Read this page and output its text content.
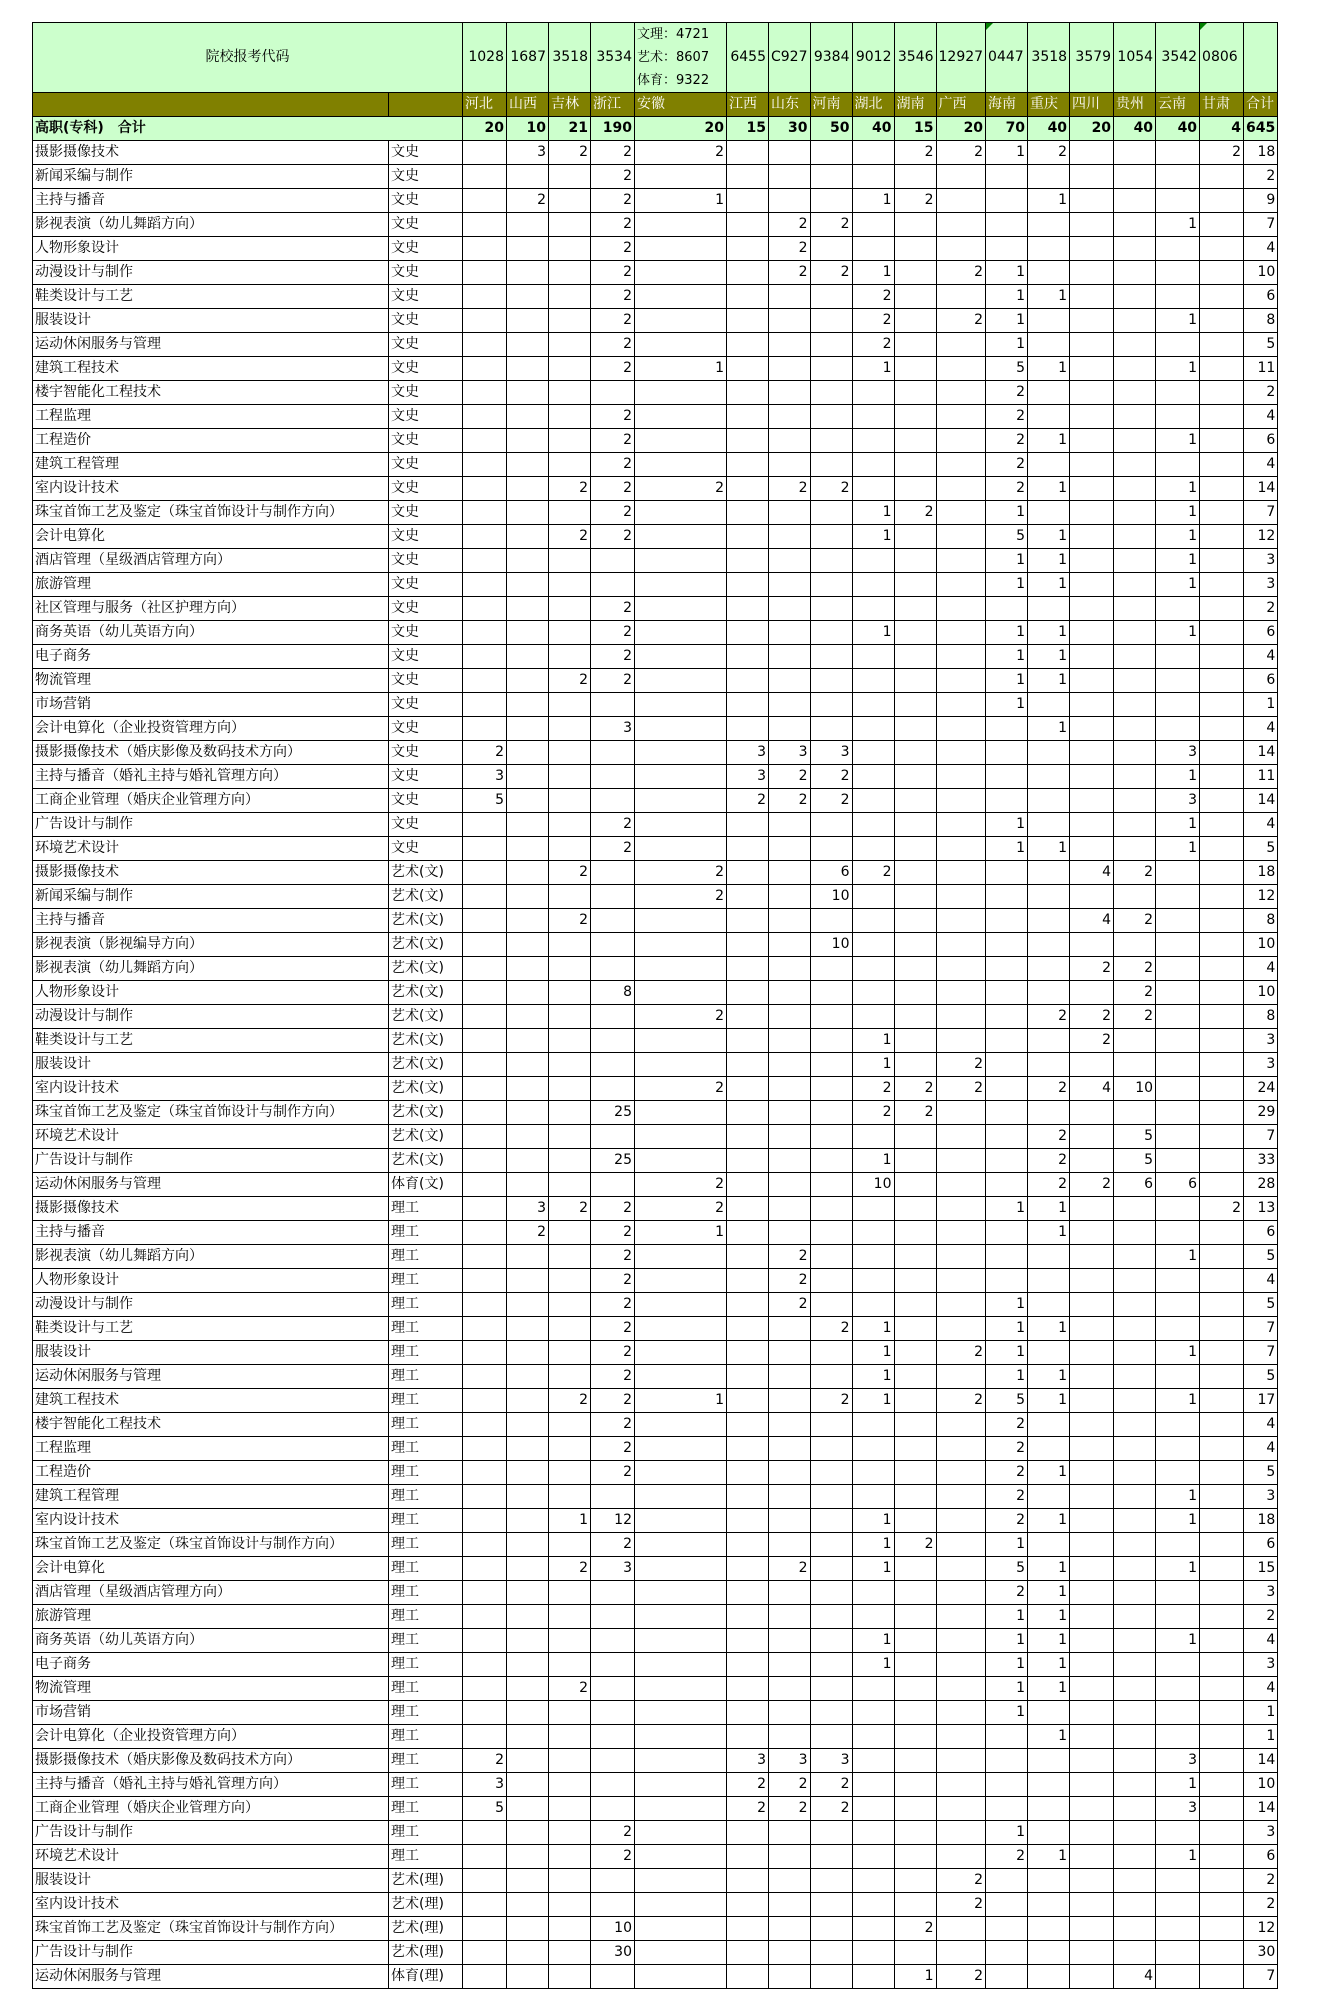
院校报考代码		1028	1687	3518	3534	文理：4721
艺术：8607
体育：9322	6455	C927	9384	9012	3546	12927	0447	3518	3579	1054	3542	0806	
		河北	山西	吉林	浙江	安徽	江西	山东	河南	湖北	湖南	广西	海南	重庆	四川	贵州	云南	甘肃	合计
高职(专科)　合计		20	10	21	190	20	15	30	50	40	15	20	70	40	20	40	40	4	645
摄影摄像技术	文史		3	2	2	2					2	2	1	2				2	18
新闻采编与制作	文史				2														2
主持与播音	文史		2		2	1				1	2			1					9
影视表演（幼儿舞蹈方向）	文史				2			2	2								1		7
人物形象设计	文史				2			2											4
动漫设计与制作	文史				2			2	2	1		2	1						10
鞋类设计与工艺	文史				2					2			1	1					6
服装设计	文史				2					2		2	1				1		8
运动休闲服务与管理	文史				2					2			1						5
建筑工程技术	文史				2	1				1			5	1			1		11
楼宇智能化工程技术	文史												2						2
工程监理	文史				2								2						4
工程造价	文史				2								2	1			1		6
建筑工程管理	文史				2								2						4
室内设计技术	文史			2	2	2		2	2				2	1			1		14
珠宝首饰工艺及鉴定（珠宝首饰设计与制作方向）	文史				2					1	2		1				1		7
会计电算化	文史			2	2					1			5	1			1		12
酒店管理（星级酒店管理方向）	文史												1	1			1		3
旅游管理	文史												1	1			1		3
社区管理与服务（社区护理方向）	文史				2														2
商务英语（幼儿英语方向）	文史				2					1			1	1			1		6
电子商务	文史				2								1	1					4
物流管理	文史			2	2								1	1					6
市场营销	文史												1						1
会计电算化（企业投资管理方向）	文史				3									1					4
摄影摄像技术（婚庆影像及数码技术方向）	文史	2					3	3	3								3		14
主持与播音（婚礼主持与婚礼管理方向）	文史	3					3	2	2								1		11
工商企业管理（婚庆企业管理方向）	文史	5					2	2	2								3		14
广告设计与制作	文史				2								1				1		4
环境艺术设计	文史				2								1	1			1		5
摄影摄像技术	艺术(文)			2		2			6	2					4	2			18
新闻采编与制作	艺术(文)					2			10										12
主持与播音	艺术(文)			2											4	2			8
影视表演（影视编导方向）	艺术(文)								10										10
影视表演（幼儿舞蹈方向）	艺术(文)														2	2			4
人物形象设计	艺术(文)				8											2			10
动漫设计与制作	艺术(文)					2								2	2	2			8
鞋类设计与工艺	艺术(文)									1					2				3
服装设计	艺术(文)									1		2							3
室内设计技术	艺术(文)					2				2	2	2		2	4	10			24
珠宝首饰工艺及鉴定（珠宝首饰设计与制作方向）	艺术(文)				25					2	2								29
环境艺术设计	艺术(文)													2		5			7
广告设计与制作	艺术(文)				25					1				2		5			33
运动休闲服务与管理	体育(文)					2				10				2	2	6	6		28
摄影摄像技术	理工		3	2	2	2							1	1				2	13
主持与播音	理工		2		2	1								1					6
影视表演（幼儿舞蹈方向）	理工				2			2									1		5
人物形象设计	理工				2			2											4
动漫设计与制作	理工				2			2					1						5
鞋类设计与工艺	理工				2				2	1			1	1					7
服装设计	理工				2					1		2	1				1		7
运动休闲服务与管理	理工				2					1			1	1					5
建筑工程技术	理工			2	2	1			2	1		2	5	1			1		17
楼宇智能化工程技术	理工				2								2						4
工程监理	理工				2								2						4
工程造价	理工				2								2	1					5
建筑工程管理	理工												2				1		3
室内设计技术	理工			1	12					1			2	1			1		18
珠宝首饰工艺及鉴定（珠宝首饰设计与制作方向）	理工				2					1	2		1						6
会计电算化	理工			2	3			2		1			5	1			1		15
酒店管理（星级酒店管理方向）	理工												2	1					3
旅游管理	理工												1	1					2
商务英语（幼儿英语方向）	理工									1			1	1			1		4
电子商务	理工									1			1	1					3
物流管理	理工			2									1	1					4
市场营销	理工												1						1
会计电算化（企业投资管理方向）	理工													1					1
摄影摄像技术（婚庆影像及数码技术方向）	理工	2					3	3	3								3		14
主持与播音（婚礼主持与婚礼管理方向）	理工	3					2	2	2								1		10
工商企业管理（婚庆企业管理方向）	理工	5					2	2	2								3		14
广告设计与制作	理工				2								1						3
环境艺术设计	理工				2								2	1			1		6
服装设计	艺术(理)											2							2
室内设计技术	艺术(理)											2							2
珠宝首饰工艺及鉴定（珠宝首饰设计与制作方向）	艺术(理)				10						2								12
广告设计与制作	艺术(理)				30														30
运动休闲服务与管理	体育(理)										1	2				4			7
